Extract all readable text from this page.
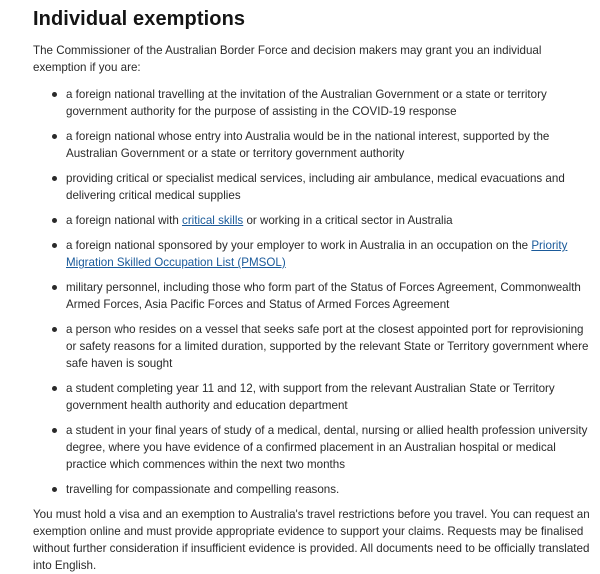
Individual exemptions

The Commissioner of the Australian Border Force and decision makers may grant you an individual exemption if you are:

a foreign national travelling at the invitation of the Australian Government or a state or territory government authority for the purpose of assisting in the COVID-19 response
a foreign national whose entry into Australia would be in the national interest, supported by the Australian Government or a state or territory government authority
providing critical or specialist medical services, including air ambulance, medical evacuations and delivering critical medical supplies
a foreign national with critical skills or working in a critical sector in Australia
a foreign national sponsored by your employer to work in Australia in an occupation on the Priority Migration Skilled Occupation List (PMSOL)
military personnel, including those who form part of the Status of Forces Agreement, Commonwealth Armed Forces, Asia Pacific Forces and Status of Armed Forces Agreement
a person who resides on a vessel that seeks safe port at the closest appointed port for reprovisioning or safety reasons for a limited duration, supported by the relevant State or Territory government where safe haven is sought
a student completing year 11 and 12, with support from the relevant Australian State or Territory government health authority and education department
a student in your final years of study of a medical, dental, nursing or allied health profession university degree, where you have evidence of a confirmed placement in an Australian hospital or medical practice which commences within the next two months
travelling for compassionate and compelling reasons.

You must hold a visa and an exemption to Australia's travel restrictions before you travel. You can request an exemption online and must provide appropriate evidence to support your claims. Requests may be finalised without further consideration if insufficient evidence is provided. All documents need to be officially translated into English.
